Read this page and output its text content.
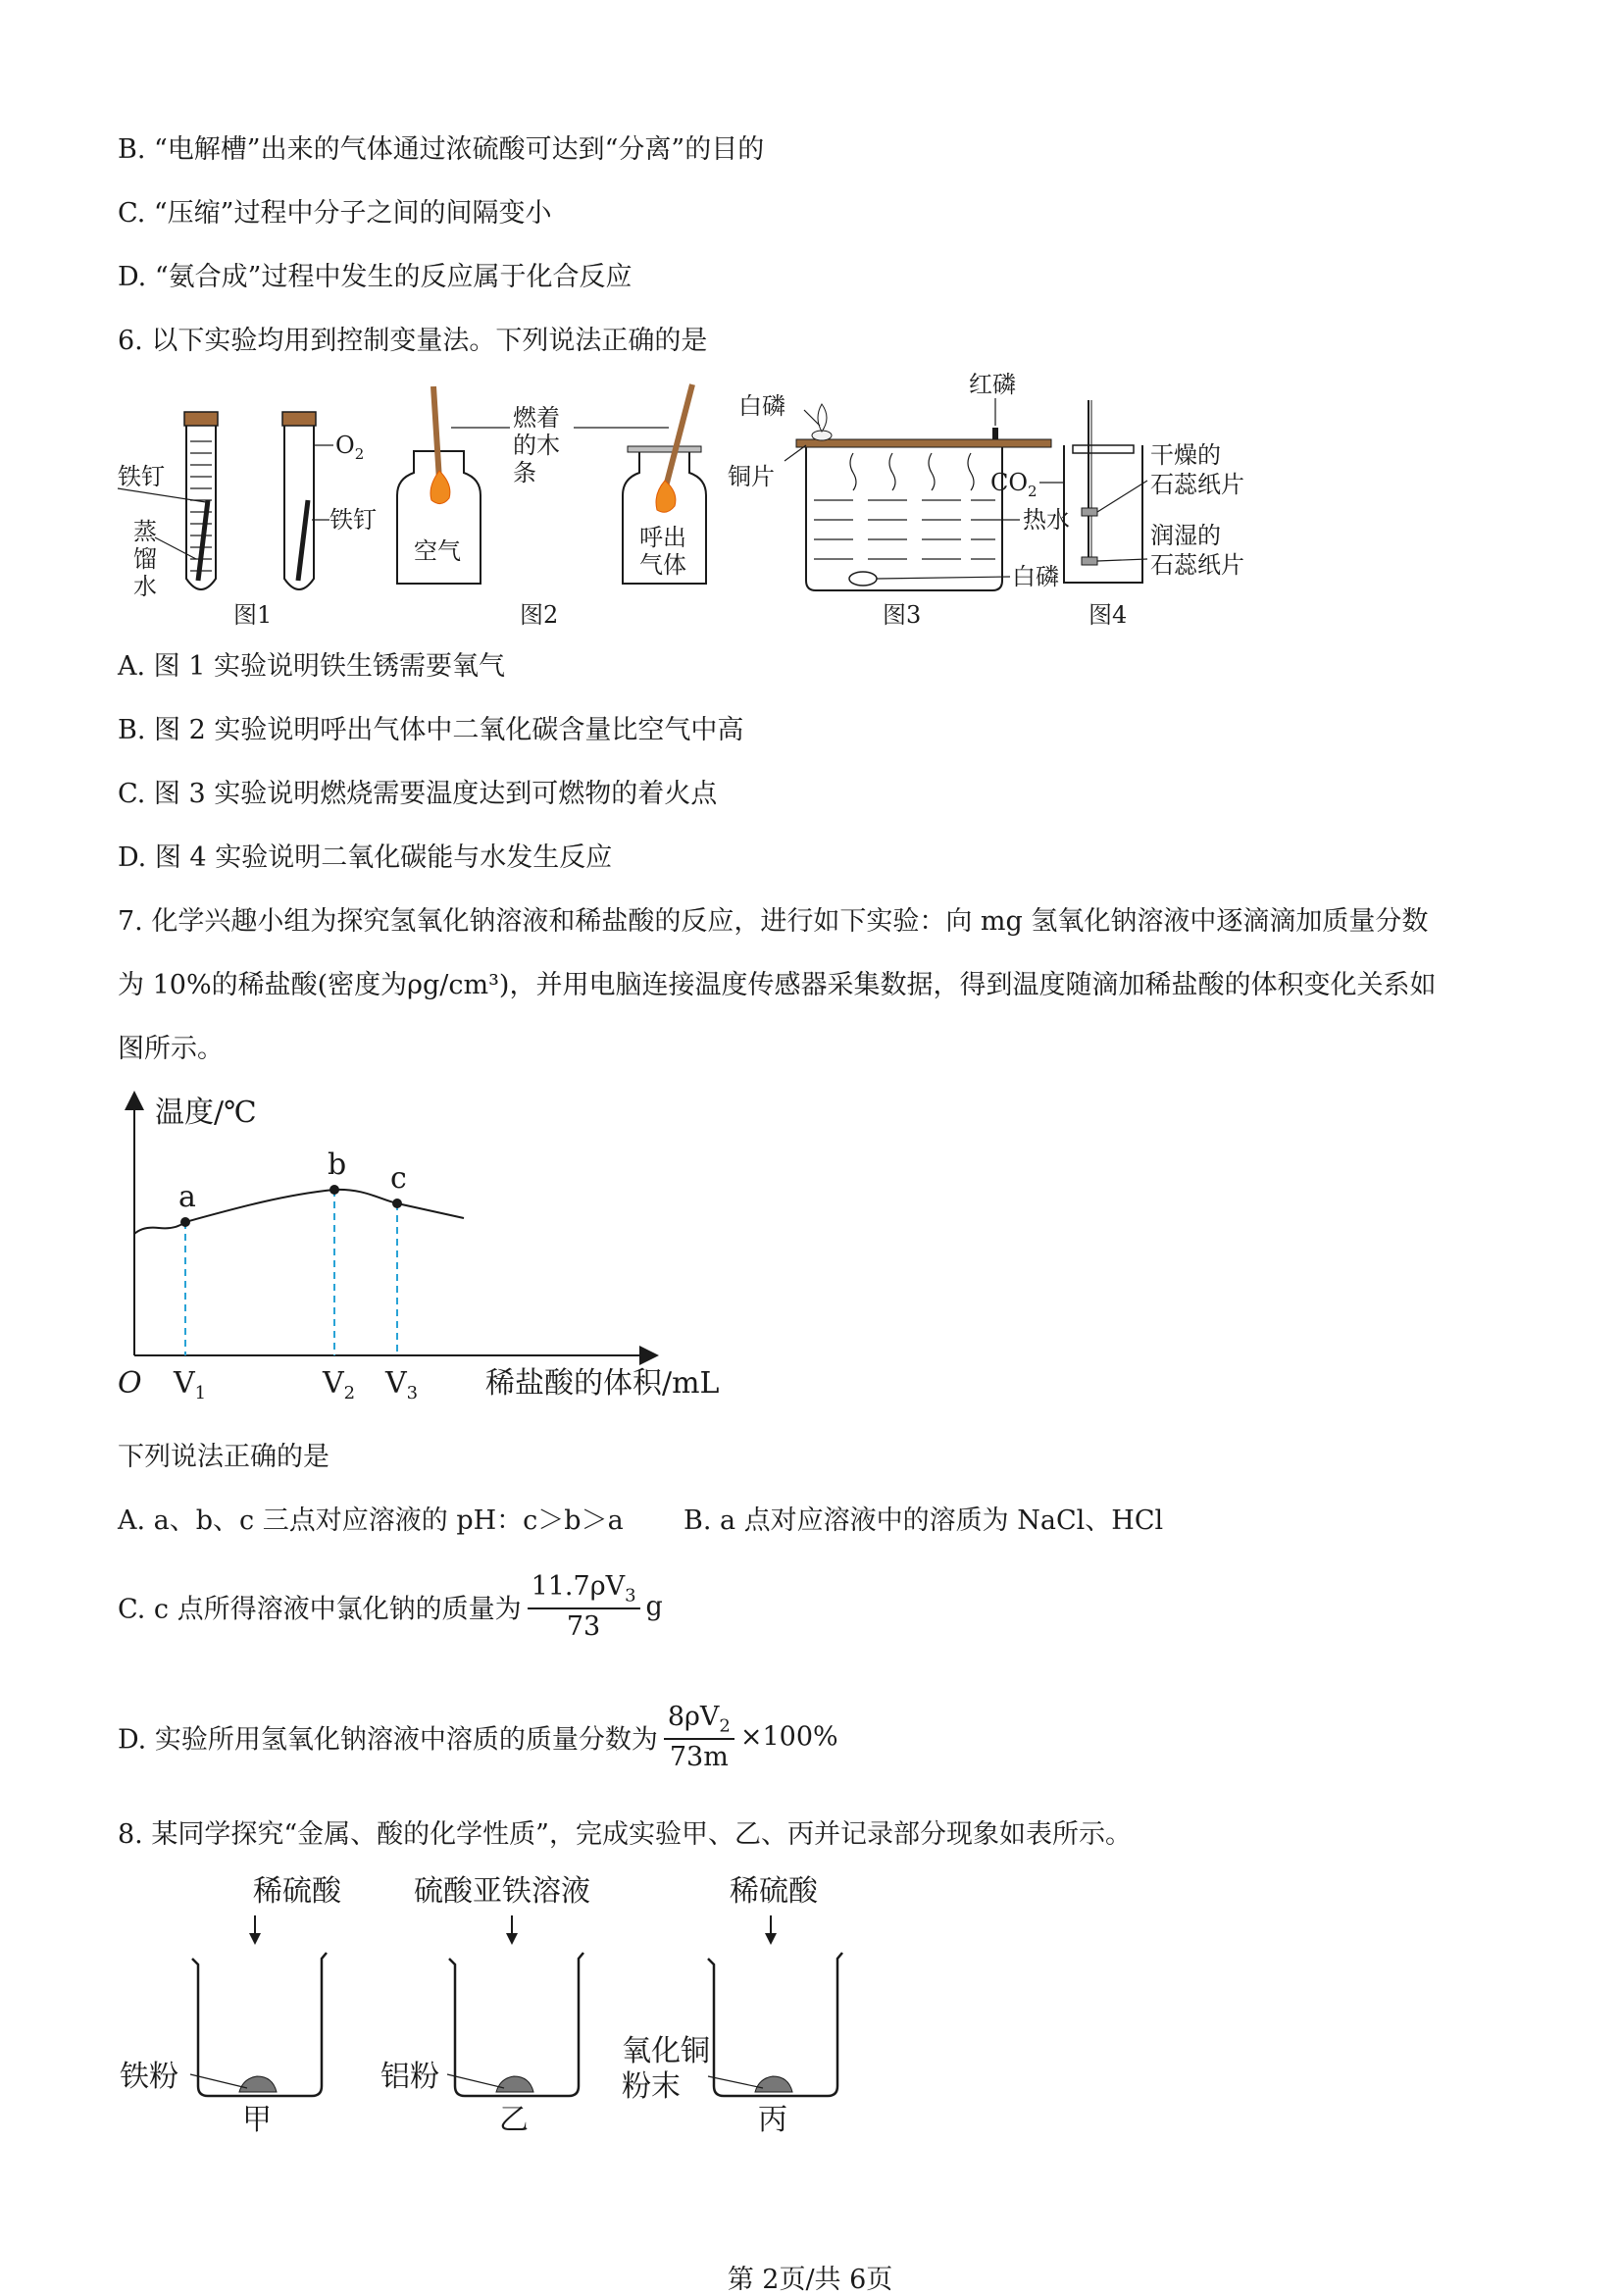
B. “电解槽”出来的气体通过浓硫酸可达到“分离”的目的
C. “压缩”过程中分子之间的间隔变小
D. “氨合成”过程中发生的反应属于化合反应
6. 以下实验均用到控制变量法。下列说法正确的是
铁钉
蒸
馏
水
$O_2$
铁钉
图1
空气	呼出
气体
燃着
的木
条
图2
白磷
红磷
铜片
热水
白磷
图3
$CO_2$
干燥的
石蕊纸片
润湿的
石蕊纸片
图4
A. 图 1 实验说明铁生锈需要氧气
B. 图 2 实验说明呼出气体中二氧化碳含量比空气中高
C. 图 3 实验说明燃烧需要温度达到可燃物的着火点
D. 图 4 实验说明二氧化碳能与水发生反应
7. 化学兴趣小组为探究氢氧化钠溶液和稀盐酸的反应，进行如下实验：向 mg 氢氧化钠溶液中逐滴滴加质量分数
为 10%的稀盐酸(密度为ρg/cm³)，并用电脑连接温度传感器采集数据，得到温度随滴加稀盐酸的体积变化关系如
图所示。
温度/℃
稀盐酸的体积/mL
O
a
$V_1$
b
$V_2$
c
$V_3$
下列说法正确的是
A. a、b、c 三点对应溶液的 pH：c＞b＞a B. a 点对应溶液中的溶质为 NaCl、HCl
C. c 点所得溶液中氯化钠的质量为 $\frac{11.7\rho V_3}{73}$ g
D. 实验所用氢氧化钠溶液中溶质的质量分数为 $\frac{8\rho V_2}{73m} \times 100\%$
8. 某同学探究“金属、酸的化学性质”，完成实验甲、乙、丙并记录部分现象如表所示。
稀硫酸
铁粉
甲
硫酸亚铁溶液
铝粉
乙
稀硫酸
氧化铜
粉末
丙
第 2页/共 6页
